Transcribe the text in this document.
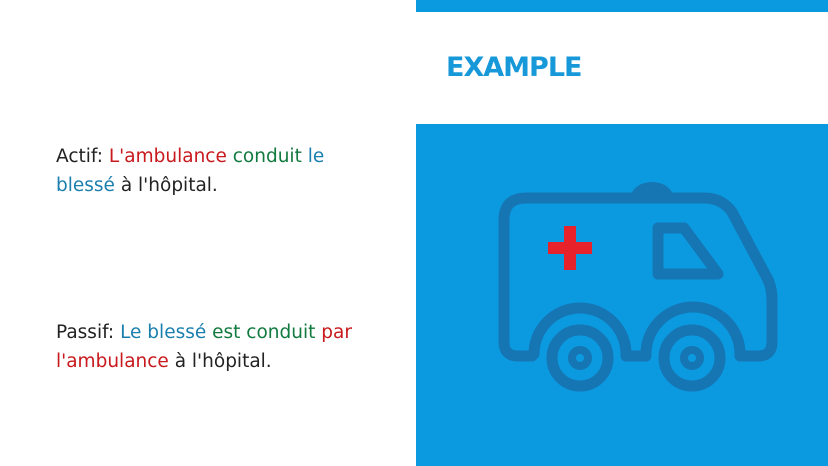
EXAMPLE
Actif: L'ambulance conduit le blessé à l'hôpital.
Passif: Le blessé est conduit par l'ambulance à l'hôpital.
